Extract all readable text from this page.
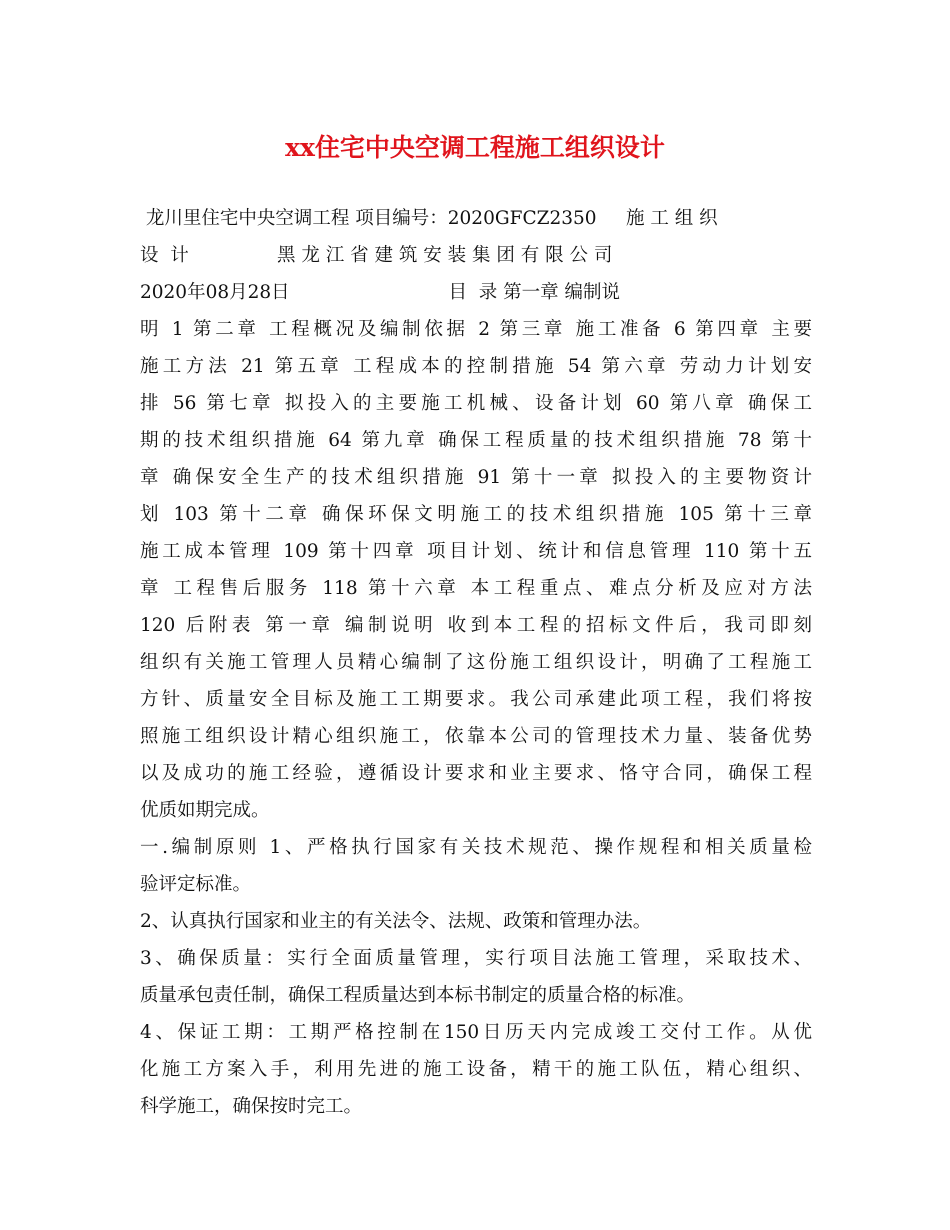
xx住宅中央空调工程施工组织设计
龙川里住宅中央空调工程 项目编号：2020GFCZ2350     施 工 组 织
设  计               黑 龙 江 省 建 筑 安 装 集 团 有 限 公 司
2020年08月28日                           目  录 第一章 编制说
明 1 第二章 工程概况及编制依据 2 第三章 施工准备 6 第四章 主要
施工方法 21 第五章 工程成本的控制措施 54 第六章 劳动力计划安
排 56 第七章 拟投入的主要施工机械、设备计划 60 第八章 确保工
期的技术组织措施 64 第九章 确保工程质量的技术组织措施 78 第十
章 确保安全生产的技术组织措施 91 第十一章 拟投入的主要物资计
划 103 第十二章 确保环保文明施工的技术组织措施 105 第十三章
施工成本管理 109 第十四章 项目计划、统计和信息管理 110 第十五
章 工程售后服务 118 第十六章 本工程重点、难点分析及应对方法
120 后附表 第一章 编制说明 收到本工程的招标文件后，我司即刻
组织有关施工管理人员精心编制了这份施工组织设计，明确了工程施工
方针、质量安全目标及施工工期要求。我公司承建此项工程，我们将按
照施工组织设计精心组织施工，依靠本公司的管理技术力量、装备优势
以及成功的施工经验，遵循设计要求和业主要求、恪守合同，确保工程
优质如期完成。
一.编制原则 1、严格执行国家有关技术规范、操作规程和相关质量检
验评定标准。
2、认真执行国家和业主的有关法令、法规、政策和管理办法。
3、确保质量：实行全面质量管理，实行项目法施工管理，采取技术、
质量承包责任制，确保工程质量达到本标书制定的质量合格的标准。
4、保证工期：工期严格控制在150日历天内完成竣工交付工作。从优
化施工方案入手，利用先进的施工设备，精干的施工队伍，精心组织、
科学施工，确保按时完工。
